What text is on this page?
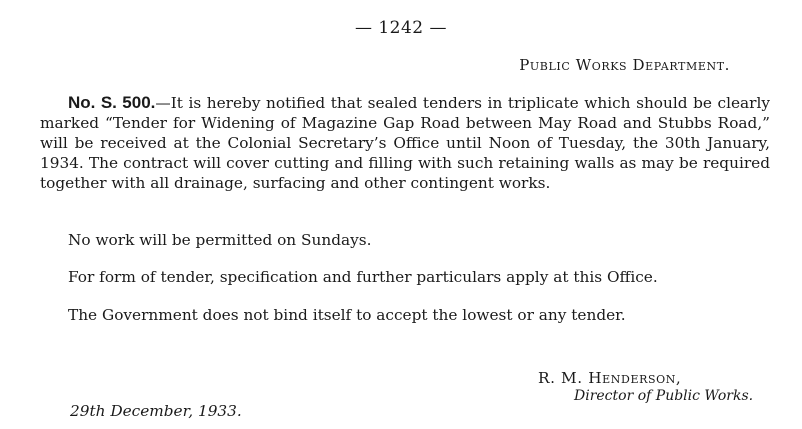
— 1242 —
Public Works Department.

No. S. 500.—It is hereby notified that sealed tenders in triplicate which should be clearly marked “Tender for Widening of Magazine Gap Road between May Road and Stubbs Road,” will be received at the Colonial Secretary’s Office until Noon of Tuesday, the 30th January, 1934. The contract will cover cutting and filling with such retaining walls as may be required together with all drainage, surfacing and other contingent works.

No work will be permitted on Sundays.

For form of tender, specification and further particulars apply at this Office.

The Government does not bind itself to accept the lowest or any tender.

R. M. Henderson,
Director of Public Works.
29th December, 1933.
